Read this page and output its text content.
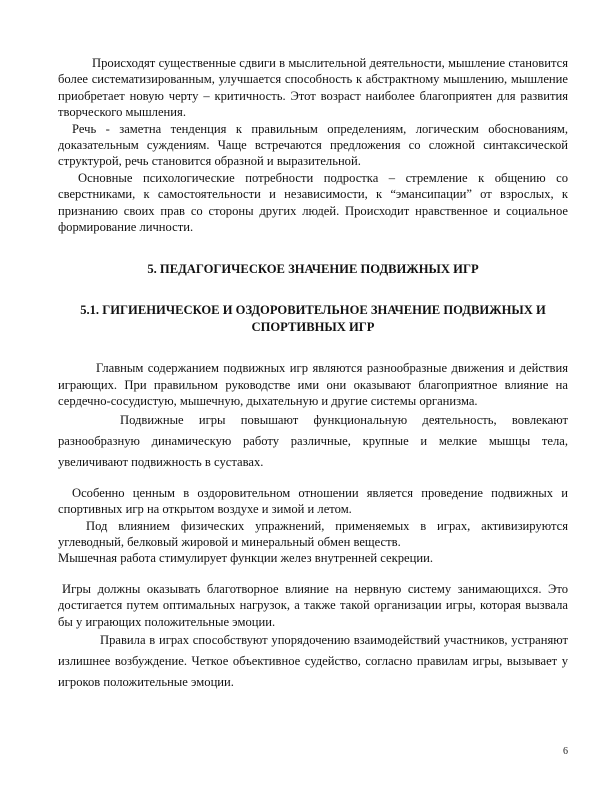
Происходят существенные сдвиги в мыслительной деятельности, мышление становится более систематизированным, улучшается способность к абстрактному мышлению, мышление приобретает новую черту – критичность. Этот возраст наиболее благоприятен для развития творческого мышления.

Речь - заметна тенденция к правильным определениям, логическим обоснованиям, доказательным суждениям. Чаще встречаются предложения со сложной синтаксической структурой, речь становится образной и выразительной.

Основные психологические потребности подростка – стремление к общению со сверстниками, к самостоятельности и независимости, к “эмансипации” от взрослых, к признанию своих прав со стороны других людей. Происходит нравственное и социальное формирование личности.

5. ПЕДАГОГИЧЕСКОЕ ЗНАЧЕНИЕ ПОДВИЖНЫХ ИГР
5.1. ГИГИЕНИЧЕСКОЕ И ОЗДОРОВИТЕЛЬНОЕ ЗНАЧЕНИЕ ПОДВИЖНЫХ И СПОРТИВНЫХ ИГР

Главным содержанием подвижных игр являются разнообразные движения и действия играющих. При правильном руководстве ими они оказывают благоприятное влияние на сердечно-сосудистую, мышечную, дыхательную и другие системы организма.

Подвижные игры повышают функциональную деятельность, вовлекают разнообразную динамическую работу различные, крупные и мелкие мышцы тела, увеличивают подвижность в суставах.

Особенно ценным в оздоровительном отношении является проведение подвижных и спортивных игр на открытом воздухе и зимой и летом.

Под влиянием физических упражнений, применяемых в играх, активизируются углеводный, белковый жировой и минеральный обмен веществ.

Мышечная работа стимулирует функции желез внутренней секреции.

Игры должны оказывать благотворное влияние на нервную систему занимающихся. Это достигается путем оптимальных нагрузок, а также такой организации игры, которая вызвала бы у играющих положительные эмоции.

Правила в играх способствуют упорядочению взаимодействий участников, устраняют излишнее возбуждение. Четкое объективное судейство, согласно правилам игры, вызывает у игроков положительные эмоции.

6
